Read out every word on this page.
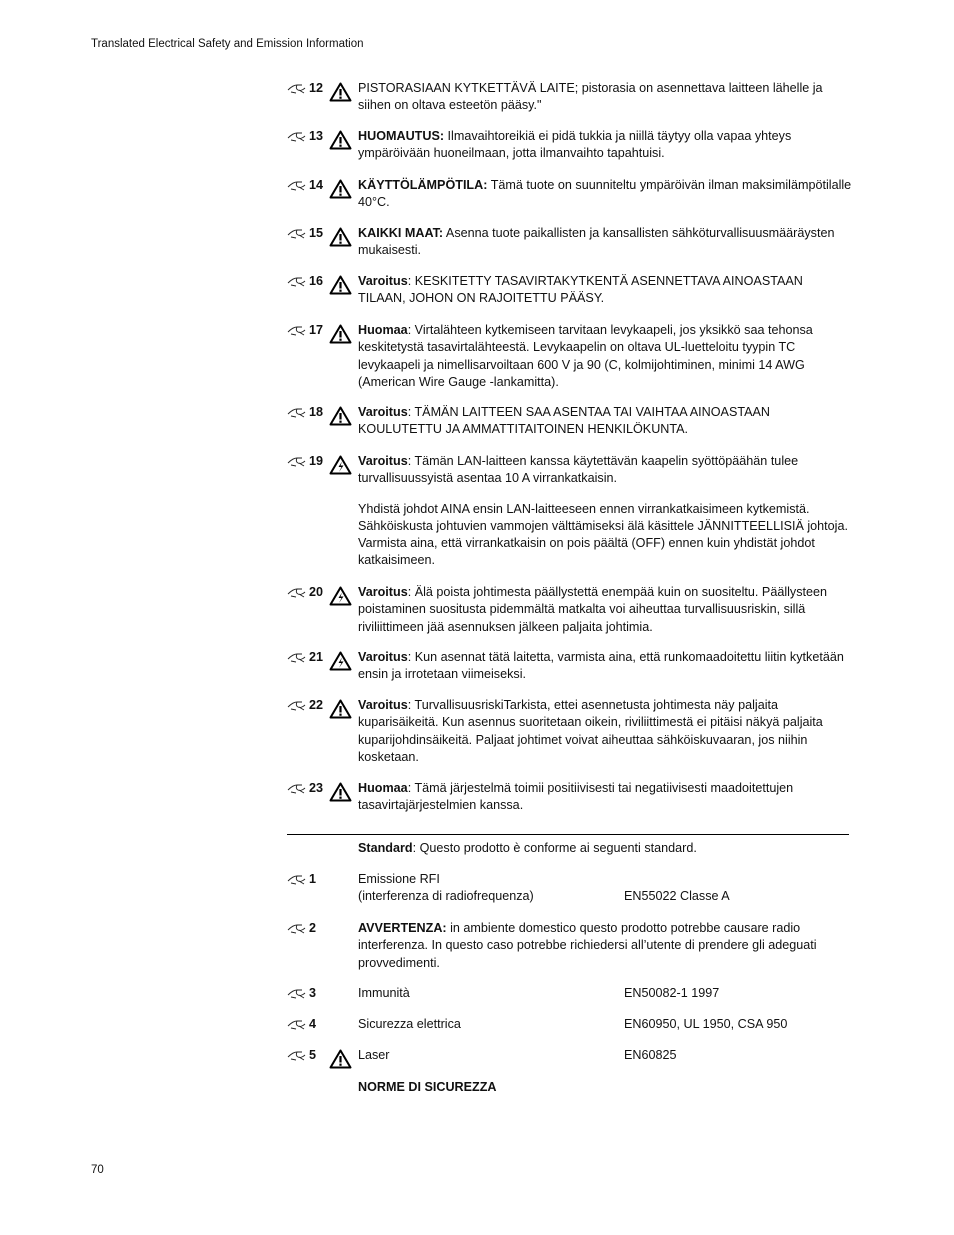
Translated Electrical Safety and Emission Information
12	PISTORASIAAN KYTKETTÄVÄ LAITE; pistorasia on asennettava laitteen lähelle ja siihen on oltava esteetön pääsy."
13	HUOMAUTUS: Ilmavaihtoreikiä ei pidä tukkia ja niillä täytyy olla vapaa yhteys ympäröivään huoneilmaan, jotta ilmanvaihto tapahtuisi.
14	KÄYTTÖLÄMPÖTILA: Tämä tuote on suunniteltu ympäröivän ilman maksimilämpötilalle 40°C.
15	KAIKKI MAAT: Asenna tuote paikallisten ja kansallisten sähköturvallisuusmääräysten mukaisesti.
16	Varoitus: KESKITETTY TASAVIRTAKYTKENTÄ ASENNETTAVA AINOASTAAN TILAAN, JOHON ON RAJOITETTU PÄÄSY.
17	Huomaa: Virtalähteen kytkemiseen tarvitaan levykaapeli, jos yksikkö saa tehonsa keskitetystä tasavirtalähteestä. Levykaapelin on oltava UL-luetteloitu tyypin TC levykaapeli ja nimellisarvoiltaan 600 V ja 90 (C, kolmijohtiminen, minimi 14 AWG (American Wire Gauge -lankamitta).
18	Varoitus: TÄMÄN LAITTEEN SAA ASENTAA TAI VAIHTAA AINOASTAAN KOULUTETTU JA AMMATTITAITOINEN HENKILÖKUNTA.
19	Varoitus: Tämän LAN-laitteen kanssa käytettävän kaapelin syöttöpäähän tulee turvallisuussyistä asentaa 10 A virrankatkaisin.

Yhdistä johdot AINA ensin LAN-laitteeseen ennen virrankatkaisimeen kytkemistä. Sähköiskusta johtuvien vammojen välttämiseksi älä käsittele JÄNNITTEELLISIÄ johtoja. Varmista aina, että virrankatkaisin on pois päältä (OFF) ennen kuin yhdistät johdot katkaisimeen.

20	Varoitus: Älä poista johtimesta päällystettä enempää kuin on suositeltu. Päällysteen poistaminen suositusta pidemmältä matkalta voi aiheuttaa turvallisuusriskin, sillä riviliittimeen jää asennuksen jälkeen paljaita johtimia.
21	Varoitus: Kun asennat tätä laitetta, varmista aina, että runkomaadoitettu liitin kytketään ensin ja irrotetaan viimeiseksi.
22	Varoitus: TurvallisuusriskiTarkista, ettei asennetusta johtimesta näy paljaita kuparisäikeitä. Kun asennus suoritetaan oikein, riviliittimestä ei pitäisi näkyä paljaita kuparijohdinsäikeitä. Paljaat johtimet voivat aiheuttaa sähköiskuvaaran, jos niihin kosketaan.
23	Huomaa: Tämä järjestelmä toimii positiivisesti tai negatiivisesti maadoitettujen tasavirtajärjestelmien kanssa.
Standard: Questo prodotto è conforme ai seguenti standard.
1	Emissione RFI
(interferenza di radiofrequenza)	EN55022 Classe A
2	AVVERTENZA: in ambiente domestico questo prodotto potrebbe causare radio interferenza. In questo caso potrebbe richiedersi all’utente di prendere gli adeguati provvedimenti.
3	Immunità	EN50082-1 1997
4	Sicurezza elettrica	EN60950, UL 1950, CSA 950
5	Laser	EN60825
NORME DI SICUREZZA
70
